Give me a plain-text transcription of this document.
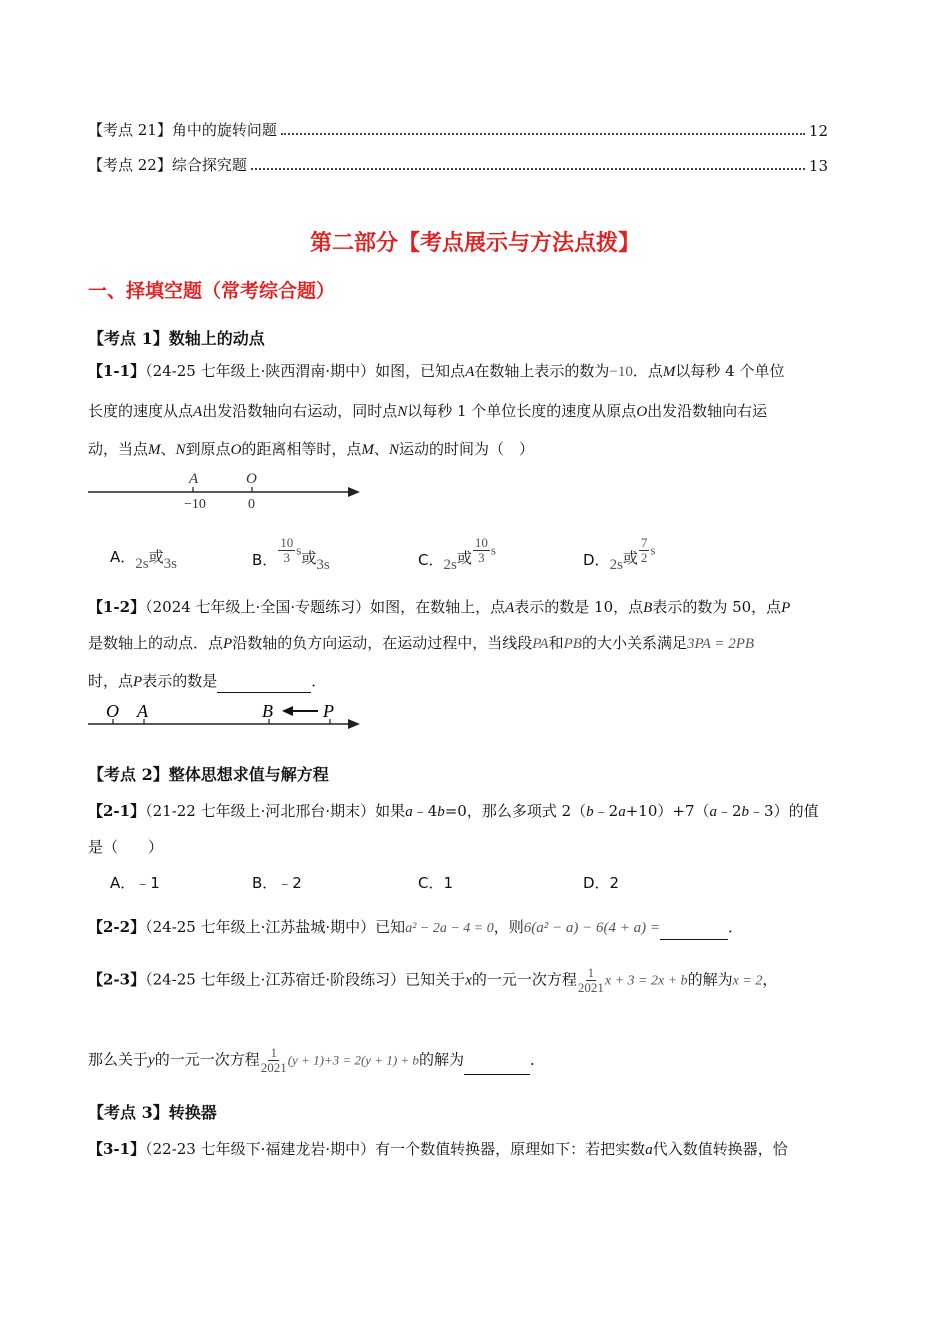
【考点 21】角中的旋转问题	12
【考点 22】综合探究题	13
第二部分【考点展示与方法点拨】
一、择填空题（常考综合题）
【考点 1】数轴上的动点
【1-1】（24-25 七年级上·陕西渭南·期中）如图，已知点A在数轴上表示的数为−10．点M以每秒 4 个单位
长度的速度从点A出发沿数轴向右运动，同时点N以每秒 1 个单位长度的速度从原点O出发沿数轴向右运
动，当点M、N到原点O的距离相等时，点M、N运动的时间为（　）
A	O
−10	0
A．2s或3s	B． $\frac{10}{3}$ s或3s	C．2s或 $\frac{10}{3}$ s
D．2s或 $\frac{7}{2}$ s
【1-2】（2024 七年级上·全国·专题练习）如图，在数轴上，点A表示的数是 10，点B表示的数为 50，点P
是数轴上的动点．点P沿数轴的负方向运动，在运动过程中，当线段PA和PB的大小关系满足3PA = 2PB
时，点P表示的数是	．
O A	B	P
【考点 2】整体思想求值与解方程
【2-1】（21-22 七年级上·河北邢台·期末）如果a﹣4b=0，那么多项式 2（b﹣2a+10）+7（a﹣2b﹣3）的值
是（　　）
A．﹣1	B．﹣2	C．1	D．2
【2-2】（24-25 七年级上·江苏盐城·期中）已知a² − 2a − 4 = 0，则6(a² − a) − 6(4 + a) =	．
【2-3】（24-25 七年级上·江苏宿迁·阶段练习）已知关于x的一元一次方程 $\frac{1}{2021}$ x + 3 = 2x + b的解为x = 2，
那么关于y的一元一次方程 $\frac{1}{2021} (y + 1)+3 = 2(y + 1) + b$的解为	．
【考点 3】转换器
【3-1】（22-23 七年级下·福建龙岩·期中）有一个数值转换器，原理如下：若把实数a代入数值转换器，恰
